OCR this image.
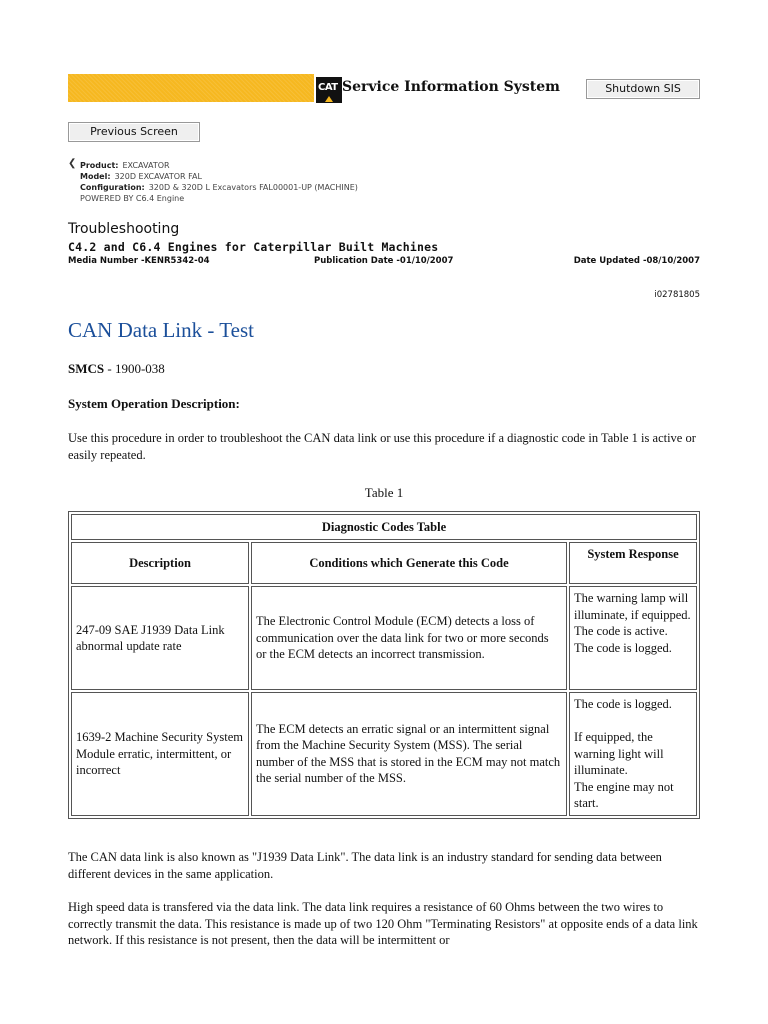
CAT Service Information System	Shutdown SIS
Previous Screen
❮ Product: EXCAVATOR
Model: 320D EXCAVATOR FAL
Configuration: 320D & 320D L Excavators FAL00001-UP (MACHINE)
POWERED BY C6.4 Engine
Troubleshooting
C4.2 and C6.4 Engines for Caterpillar Built Machines
Media Number -KENR5342-04	Publication Date -01/10/2007	Date Updated -08/10/2007
i02781805
CAN Data Link - Test
SMCS - 1900-038
System Operation Description:
Use this procedure in order to troubleshoot the CAN data link or use this procedure if a diagnostic code in Table 1 is active or easily repeated.
Table 1
Diagnostic Codes Table		
Description	Conditions which Generate this Code	System Response
247-09 SAE J1939 Data Link abnormal update rate	The Electronic Control Module (ECM) detects a loss of communication over the data link for two or more seconds or the ECM detects an incorrect transmission.	The warning lamp will illuminate, if equipped.
The code is active.
The code is logged.

1639-2 Machine Security System Module erratic, intermittent, or incorrect	The ECM detects an erratic signal or an intermittent signal from the Machine Security System (MSS). The serial number of the MSS that is stored in the ECM may not match the serial number of the MSS.	The code is logged.
If equipped, the warning light will illuminate.
The engine may not start.
The CAN data link is also known as "J1939 Data Link". The data link is an industry standard for sending data between different devices in the same application.
High speed data is transfered via the data link. The data link requires a resistance of 60 Ohms between the two wires to correctly transmit the data. This resistance is made up of two 120 Ohm "Terminating Resistors" at opposite ends of a data link network. If this resistance is not present, then the data will be intermittent or
